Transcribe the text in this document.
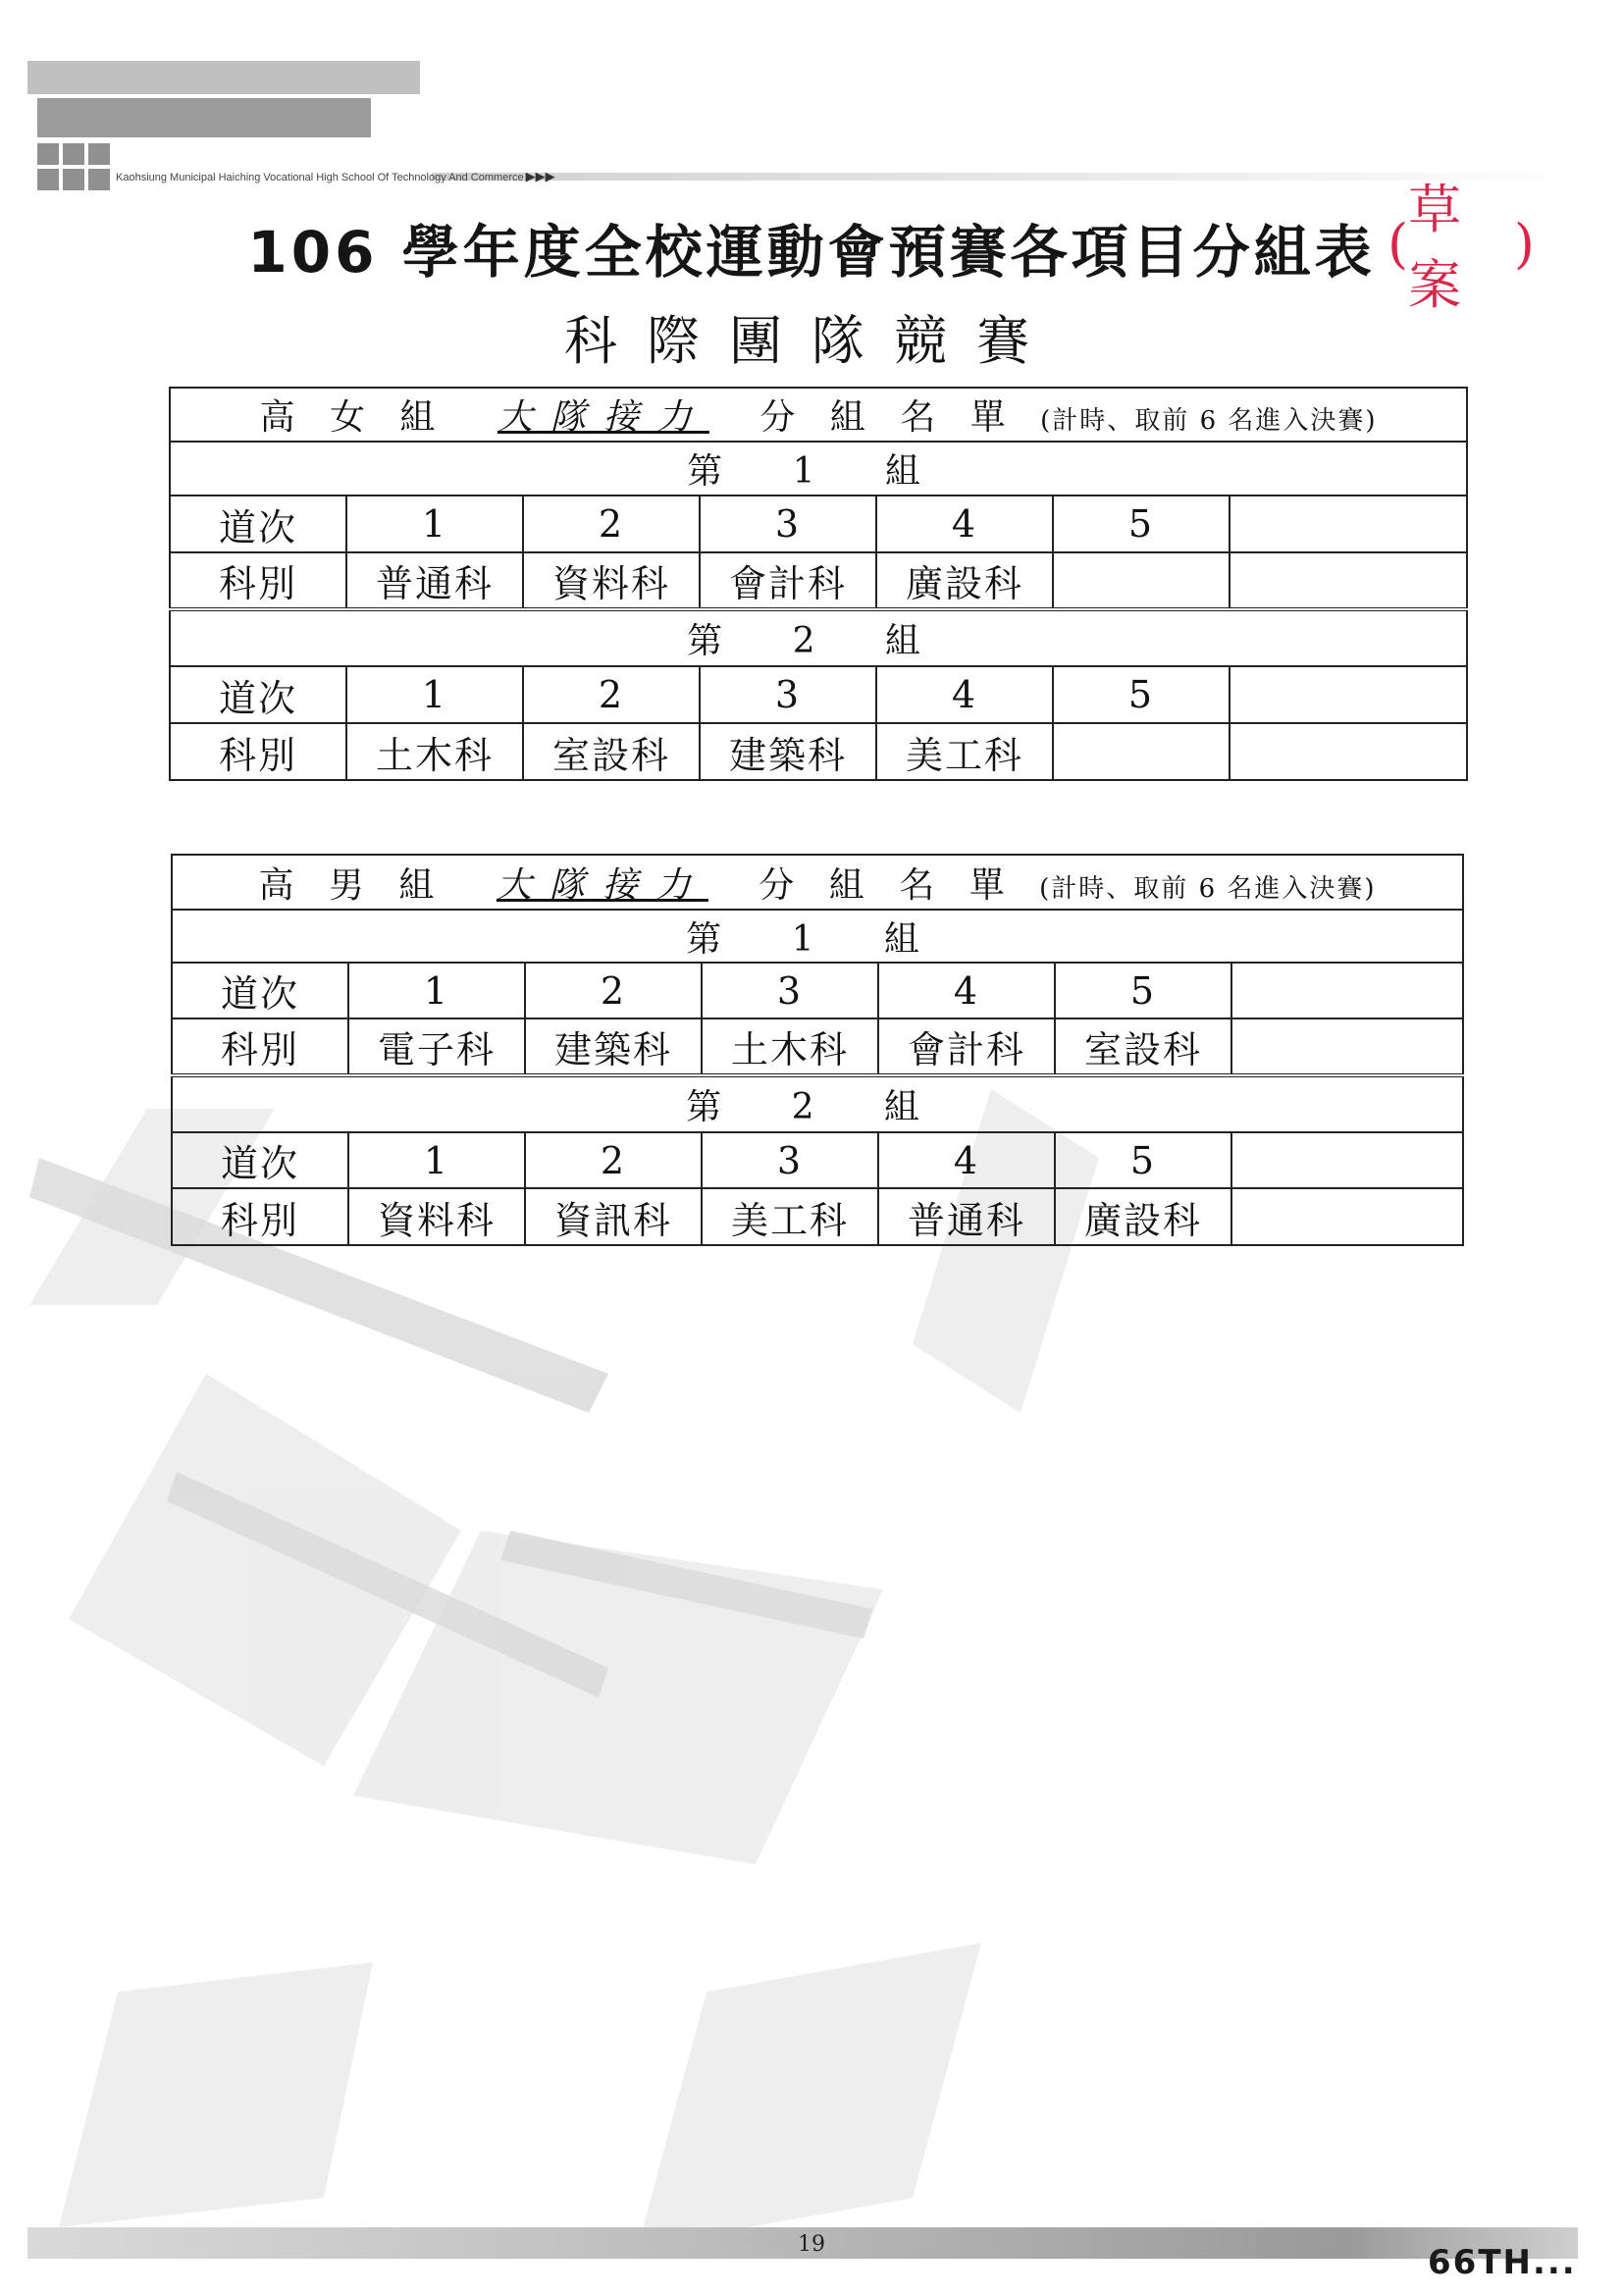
Kaohsiung Municipal Haiching Vocational High School Of Technology And Commerce ▶▶▶
106 學年度全校運動會預賽各項目分組表 (
草案
)
科際團隊競賽
高 女 組 大隊接力 分 組 名 單 (計時、取前 6 名進入決賽)						
第 1 組						
道次	1	2	3	4	5	
科別	普通科	資料科	會計科	廣設科		
第 2 組						
道次	1	2	3	4	5	
科別	土木科	室設科	建築科	美工科		
高 男 組 大隊接力 分 組 名 單 (計時、取前 6 名進入決賽)						
第 1 組						
道次	1	2	3	4	5	
科別	電子科	建築科	土木科	會計科	室設科	
第 2 組						
道次	1	2	3	4	5	
科別	資料科	資訊科	美工科	普通科	廣設科	
19	66TH...
